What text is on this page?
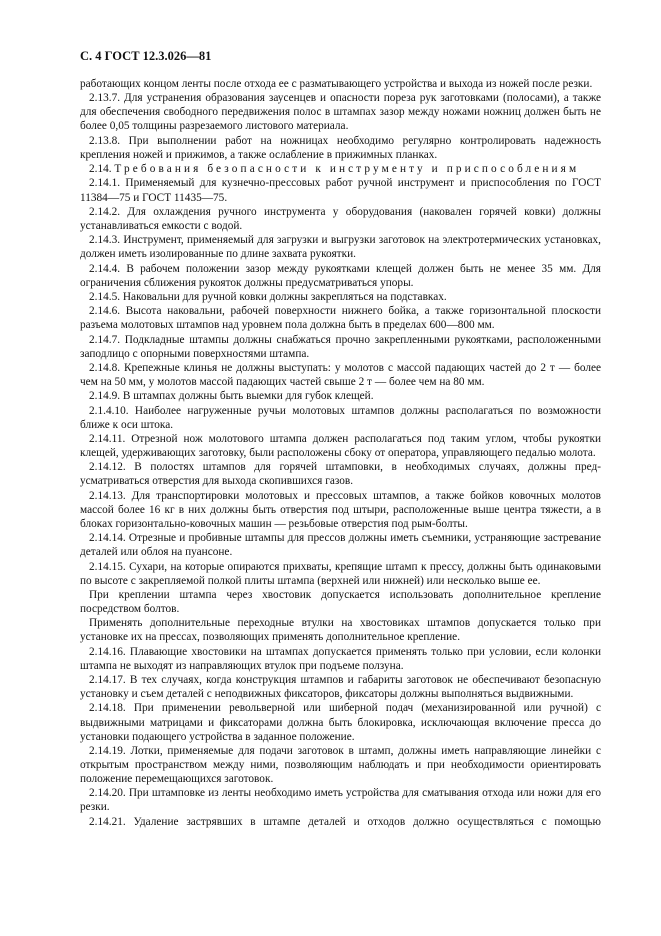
С. 4 ГОСТ 12.3.026—81

работающих концом ленты после отхода ее с разматывающего устройства и выхода из ножей после резки.

2.13.7. Для устранения образования заусенцев и опасности пореза рук заготовками (полосами), а также для обеспечения свободного передвижения полос в штампах зазор между ножами ножниц должен быть не более 0,05 толщины разрезаемого листового материала.

2.13.8. При выполнении работ на ножницах необходимо регулярно контролировать надежность крепления ножей и прижимов, а также ослабление в прижимных планках.

2.14. Требования безопасности к инструменту и приспособлениям

2.14.1. Применяемый для кузнечно-прессовых работ ручной инструмент и приспособления по ГОСТ 11384—75 и ГОСТ 11435—75.

2.14.2. Для охлаждения ручного инструмента у оборудования (наковален горячей ковки) должны устанавливаться емкости с водой.

2.14.3. Инструмент, применяемый для загрузки и выгрузки заготовок на электротермических установках, должен иметь изолированные по длине захвата рукоятки.

2.14.4. В рабочем положении зазор между рукоятками клещей должен быть не менее 35 мм. Для ограничения сближения рукояток должны предусматриваться упоры.

2.14.5. Наковальни для ручной ковки должны закрепляться на подставках.

2.14.6. Высота наковальни, рабочей поверхности нижнего бойка, а также горизонтальной плоскости разъема молотовых штампов над уровнем пола должна быть в пределах 600—800 мм.

2.14.7. Подкладные штампы должны снабжаться прочно закрепленными рукоятками, расположенными заподлицо с опорными поверхностями штампа.

2.14.8. Крепежные клинья не должны выступать: у молотов с массой падающих частей до 2 т — более чем на 50 мм, у молотов массой падающих частей свыше 2 т — более чем на 80 мм.

2.14.9. В штампах должны быть выемки для губок клещей.

2.1.4.10. Наиболее нагруженные ручьи молотовых штампов должны располагаться по возможности ближе к оси штока.

2.14.11. Отрезной нож молотового штампа должен располагаться под таким углом, чтобы рукоятки клещей, удерживающих заготовку, были расположены сбоку от оператора, управляющего педалью молота.

2.14.12. В полостях штампов для горячей штамповки, в необходимых случаях, должны предусматриваться отверстия для выхода скопившихся газов.

2.14.13. Для транспортировки молотовых и прессовых штампов, а также бойков ковочных молотов массой более 16 кг в них должны быть отверстия под штыри, расположенные выше центра тяжести, а в блоках горизонтально-ковочных машин — резьбовые отверстия под рым-болты.

2.14.14. Отрезные и пробивные штампы для прессов должны иметь съемники, устраняющие застревание деталей или облоя на пуансоне.

2.14.15. Сухари, на которые опираются прихваты, крепящие штамп к прессу, должны быть одинаковыми по высоте с закрепляемой полкой плиты штампа (верхней или нижней) или несколько выше ее.

При креплении штампа через хвостовик допускается использовать дополнительное крепление посредством болтов.

Применять дополнительные переходные втулки на хвостовиках штампов допускается только при установке их на прессах, позволяющих применять дополнительное крепление.

2.14.16. Плавающие хвостовики на штампах допускается применять только при условии, если колонки штампа не выходят из направляющих втулок при подъеме ползуна.

2.14.17. В тех случаях, когда конструкция штампов и габариты заготовок не обеспечивают безопасную установку и съем деталей с неподвижных фиксаторов, фиксаторы должны выполняться выдвижными.

2.14.18. При применении револьверной или шиберной подач (механизированной или ручной) с выдвижными матрицами и фиксаторами должна быть блокировка, исключающая включение пресса до установки подающего устройства в заданное положение.

2.14.19. Лотки, применяемые для подачи заготовок в штамп, должны иметь направляющие линейки с открытым пространством между ними, позволяющим наблюдать и при необходимости ориентировать положение перемещающихся заготовок.

2.14.20. При штамповке из ленты необходимо иметь устройства для сматывания отхода или ножи для его резки.

2.14.21. Удаление застрявших в штампе деталей и отходов должно осуществляться с помощью
